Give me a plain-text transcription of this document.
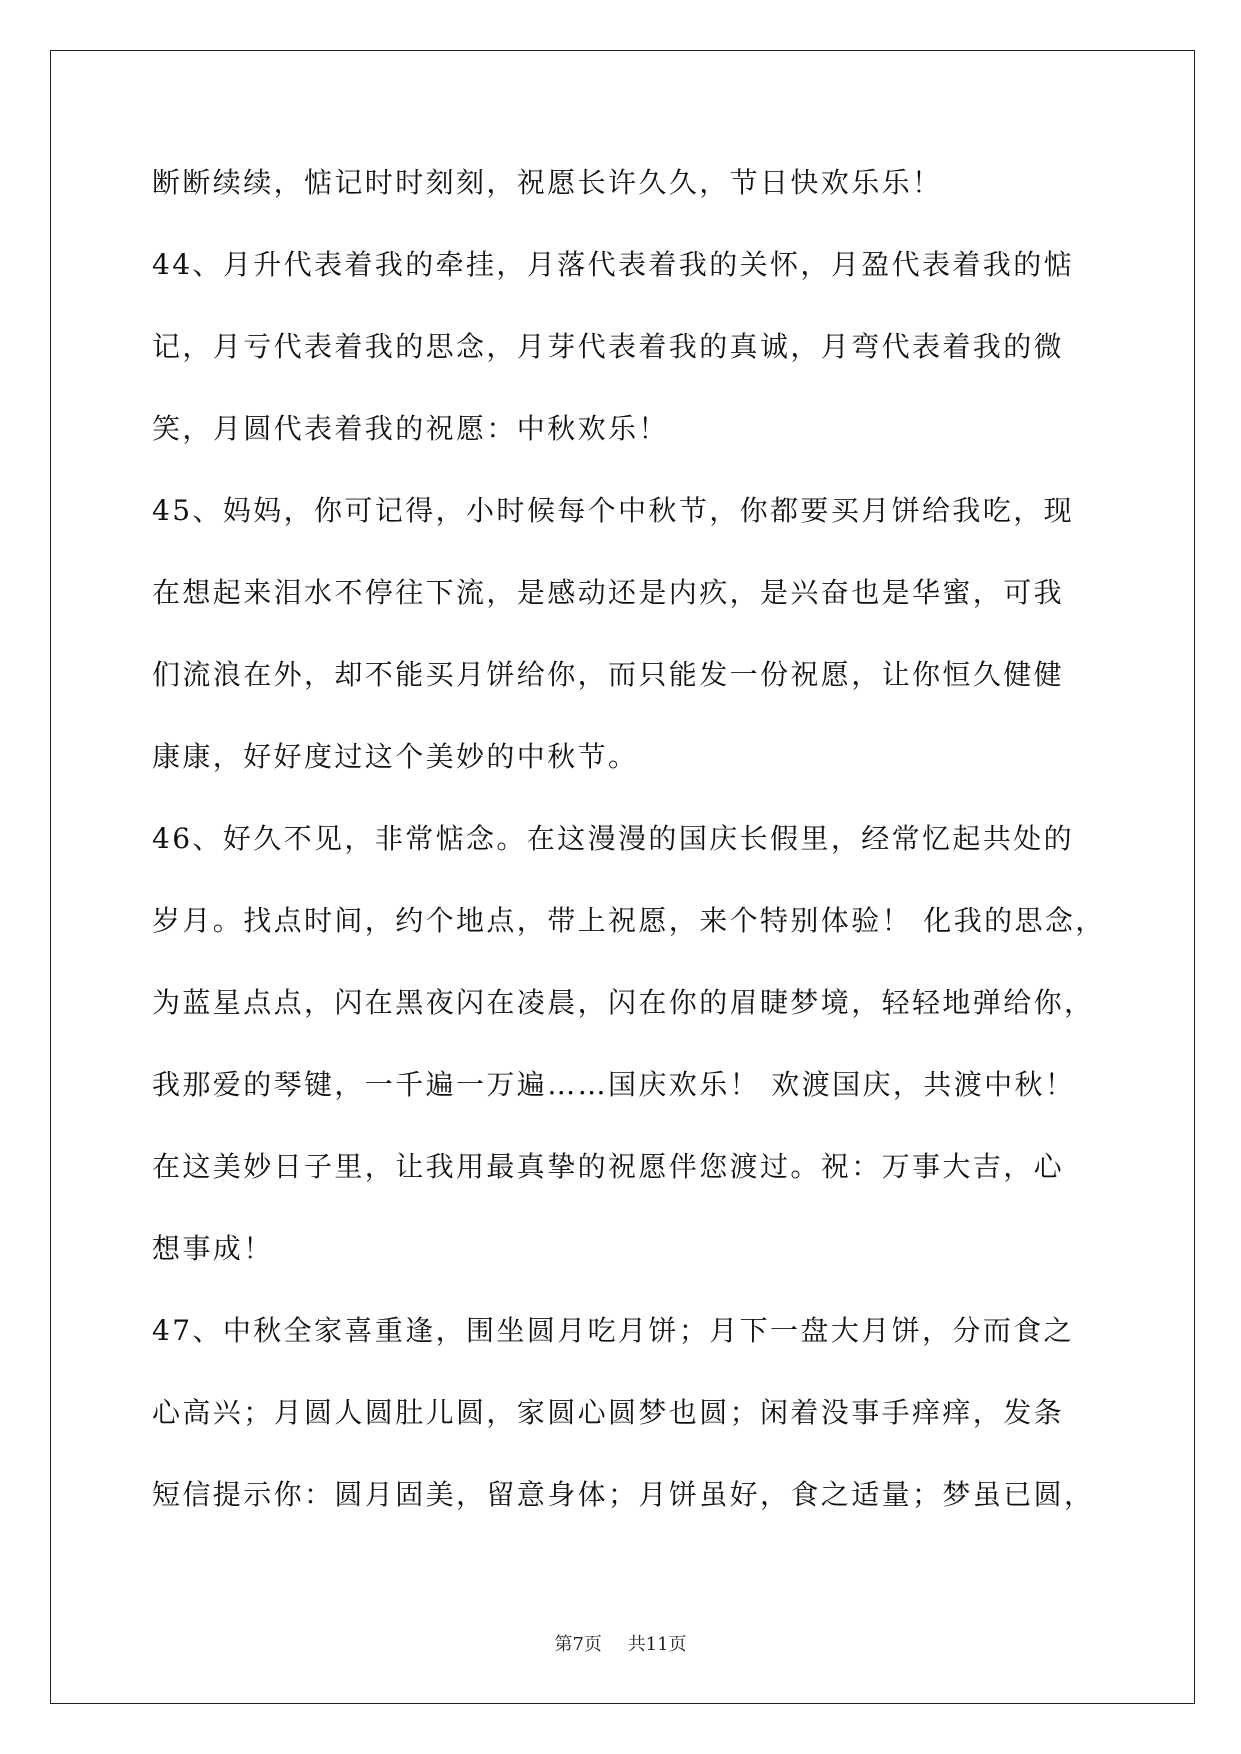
断断续续，惦记时时刻刻，祝愿长许久久，节日快欢乐乐！
44、月升代表着我的牵挂，月落代表着我的关怀，月盈代表着我的惦
记，月亏代表着我的思念，月芽代表着我的真诚，月弯代表着我的微
笑，月圆代表着我的祝愿：中秋欢乐！
45、妈妈，你可记得，小时候每个中秋节，你都要买月饼给我吃，现
在想起来泪水不停往下流，是感动还是内疚，是兴奋也是华蜜，可我
们流浪在外，却不能买月饼给你，而只能发一份祝愿，让你恒久健健
康康，好好度过这个美妙的中秋节。
46、好久不见，非常惦念。在这漫漫的国庆长假里，经常忆起共处的
岁月。找点时间，约个地点，带上祝愿，来个特别体验！ 化我的思念，
为蓝星点点，闪在黑夜闪在凌晨，闪在你的眉睫梦境，轻轻地弹给你，
我那爱的琴键，一千遍一万遍……国庆欢乐！ 欢渡国庆，共渡中秋！
在这美妙日子里，让我用最真挚的祝愿伴您渡过。祝：万事大吉，心
想事成！
47、中秋全家喜重逢，围坐圆月吃月饼；月下一盘大月饼，分而食之
心高兴；月圆人圆肚儿圆，家圆心圆梦也圆；闲着没事手痒痒，发条
短信提示你：圆月固美，留意身体；月饼虽好，食之适量；梦虽已圆，
第7页 共11页
